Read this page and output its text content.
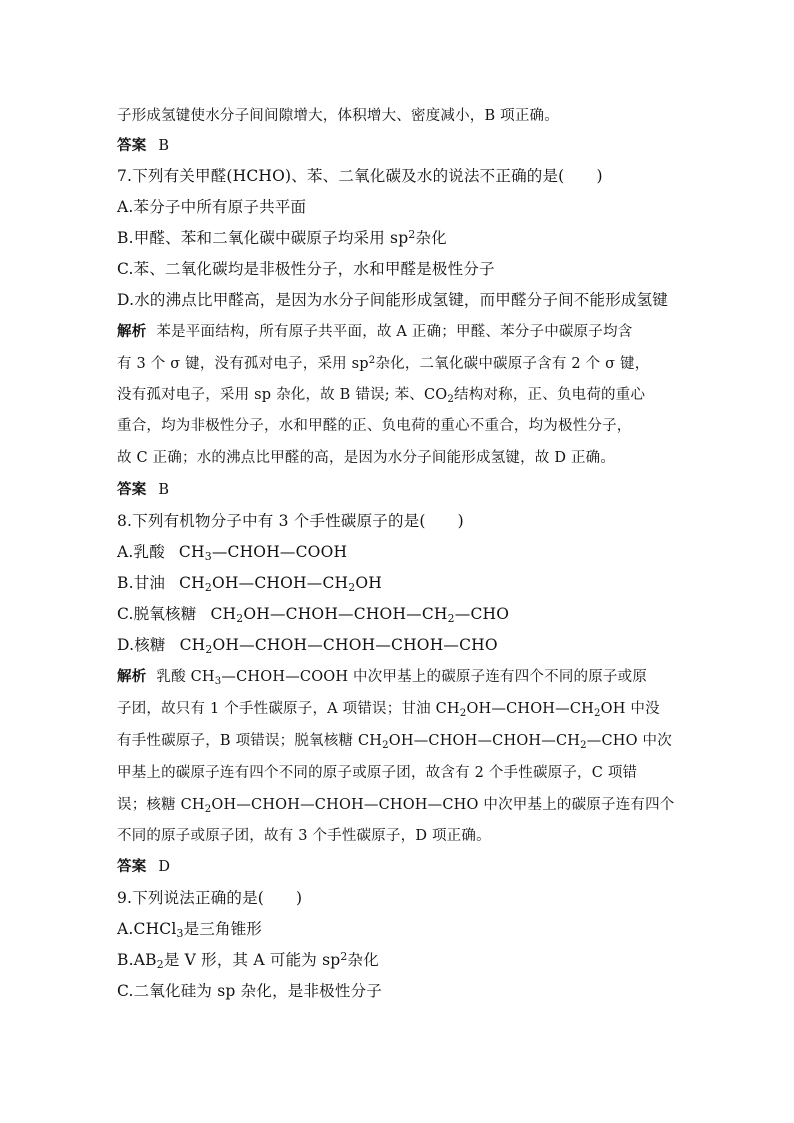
子形成氢键使水分子间间隙增大，体积增大、密度减小，B 项正确。
答案 B
7.下列有关甲醛(HCHO)、苯、二氧化碳及水的说法不正确的是( )
A.苯分子中所有原子共平面
B.甲醛、苯和二氧化碳中碳原子均采用 $sp^2$杂化
C.苯、二氧化碳均是非极性分子，水和甲醛是极性分子
D.水的沸点比甲醛高，是因为水分子间能形成氢键，而甲醛分子间不能形成氢键
解析 苯是平面结构，所有原子共平面，故 A 正确；甲醛、苯分子中碳原子均含
有 3 个 σ 键，没有孤对电子，采用 $sp^2$杂化，二氧化碳中碳原子含有 2 个 σ 键，
没有孤对电子，采用 sp 杂化，故 B 错误; 苯、$CO_2$结构对称，正、负电荷的重心
重合，均为非极性分子，水和甲醛的正、负电荷的重心不重合，均为极性分子，
故 C 正确；水的沸点比甲醛的高，是因为水分子间能形成氢键，故 D 正确。
答案 B
8.下列有机物分子中有 3 个手性碳原子的是( )
A.乳酸 $CH_3—CHOH—COOH$
B.甘油 $CH_2OH—CHOH—CH_2OH$
C.脱氧核糖 $CH_2OH—CHOH—CHOH—CH_2—CHO$
D.核糖 $CH_2OH—CHOH—CHOH—CHOH—CHO$
解析 乳酸 $CH_3—CHOH—COOH$ 中次甲基上的碳原子连有四个不同的原子或原
子团，故只有 1 个手性碳原子，A 项错误；甘油 $CH_2OH—CHOH—CH_2OH$ 中没
有手性碳原子，B 项错误；脱氧核糖 $CH_2OH—CHOH—CHOH—CH_2—CHO$ 中次
甲基上的碳原子连有四个不同的原子或原子团，故含有 2 个手性碳原子，C 项错
误；核糖 $CH_2OH—CHOH—CHOH—CHOH—CHO$ 中次甲基上的碳原子连有四个
不同的原子或原子团，故有 3 个手性碳原子，D 项正确。
答案 D
9.下列说法正确的是( )
A.CHCl$_3$是三角锥形
$B.AB_2$是 V 形，其 A 可能为 $sp^2$杂化
C.二氧化硅为 sp 杂化，是非极性分子
